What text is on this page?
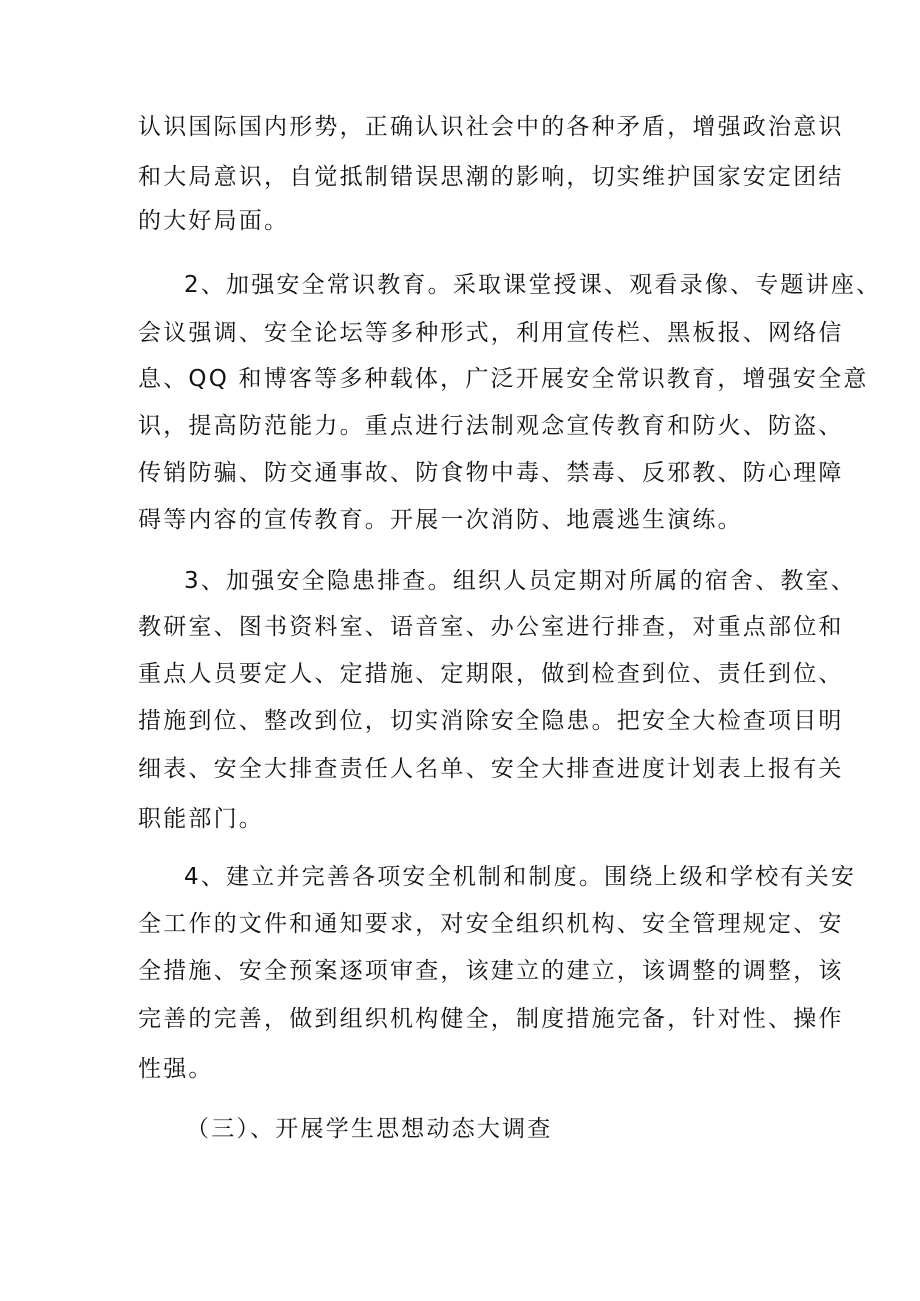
认识国际国内形势，正确认识社会中的各种矛盾，增强政治意识
和大局意识，自觉抵制错误思潮的影响，切实维护国家安定团结
的大好局面。
2、加强安全常识教育。采取课堂授课、观看录像、专题讲座、
会议强调、安全论坛等多种形式，利用宣传栏、黑板报、网络信
息、QQ 和博客等多种载体，广泛开展安全常识教育，增强安全意
识，提高防范能力。重点进行法制观念宣传教育和防火、防盗、
传销防骗、防交通事故、防食物中毒、禁毒、反邪教、防心理障
碍等内容的宣传教育。开展一次消防、地震逃生演练。
3、加强安全隐患排查。组织人员定期对所属的宿舍、教室、
教研室、图书资料室、语音室、办公室进行排查，对重点部位和
重点人员要定人、定措施、定期限，做到检查到位、责任到位、
措施到位、整改到位，切实消除安全隐患。把安全大检查项目明
细表、安全大排查责任人名单、安全大排查进度计划表上报有关
职能部门。
4、建立并完善各项安全机制和制度。围绕上级和学校有关安
全工作的文件和通知要求，对安全组织机构、安全管理规定、安
全措施、安全预案逐项审查，该建立的建立，该调整的调整，该
完善的完善，做到组织机构健全，制度措施完备，针对性、操作
性强。
（三）、开展学生思想动态大调查
